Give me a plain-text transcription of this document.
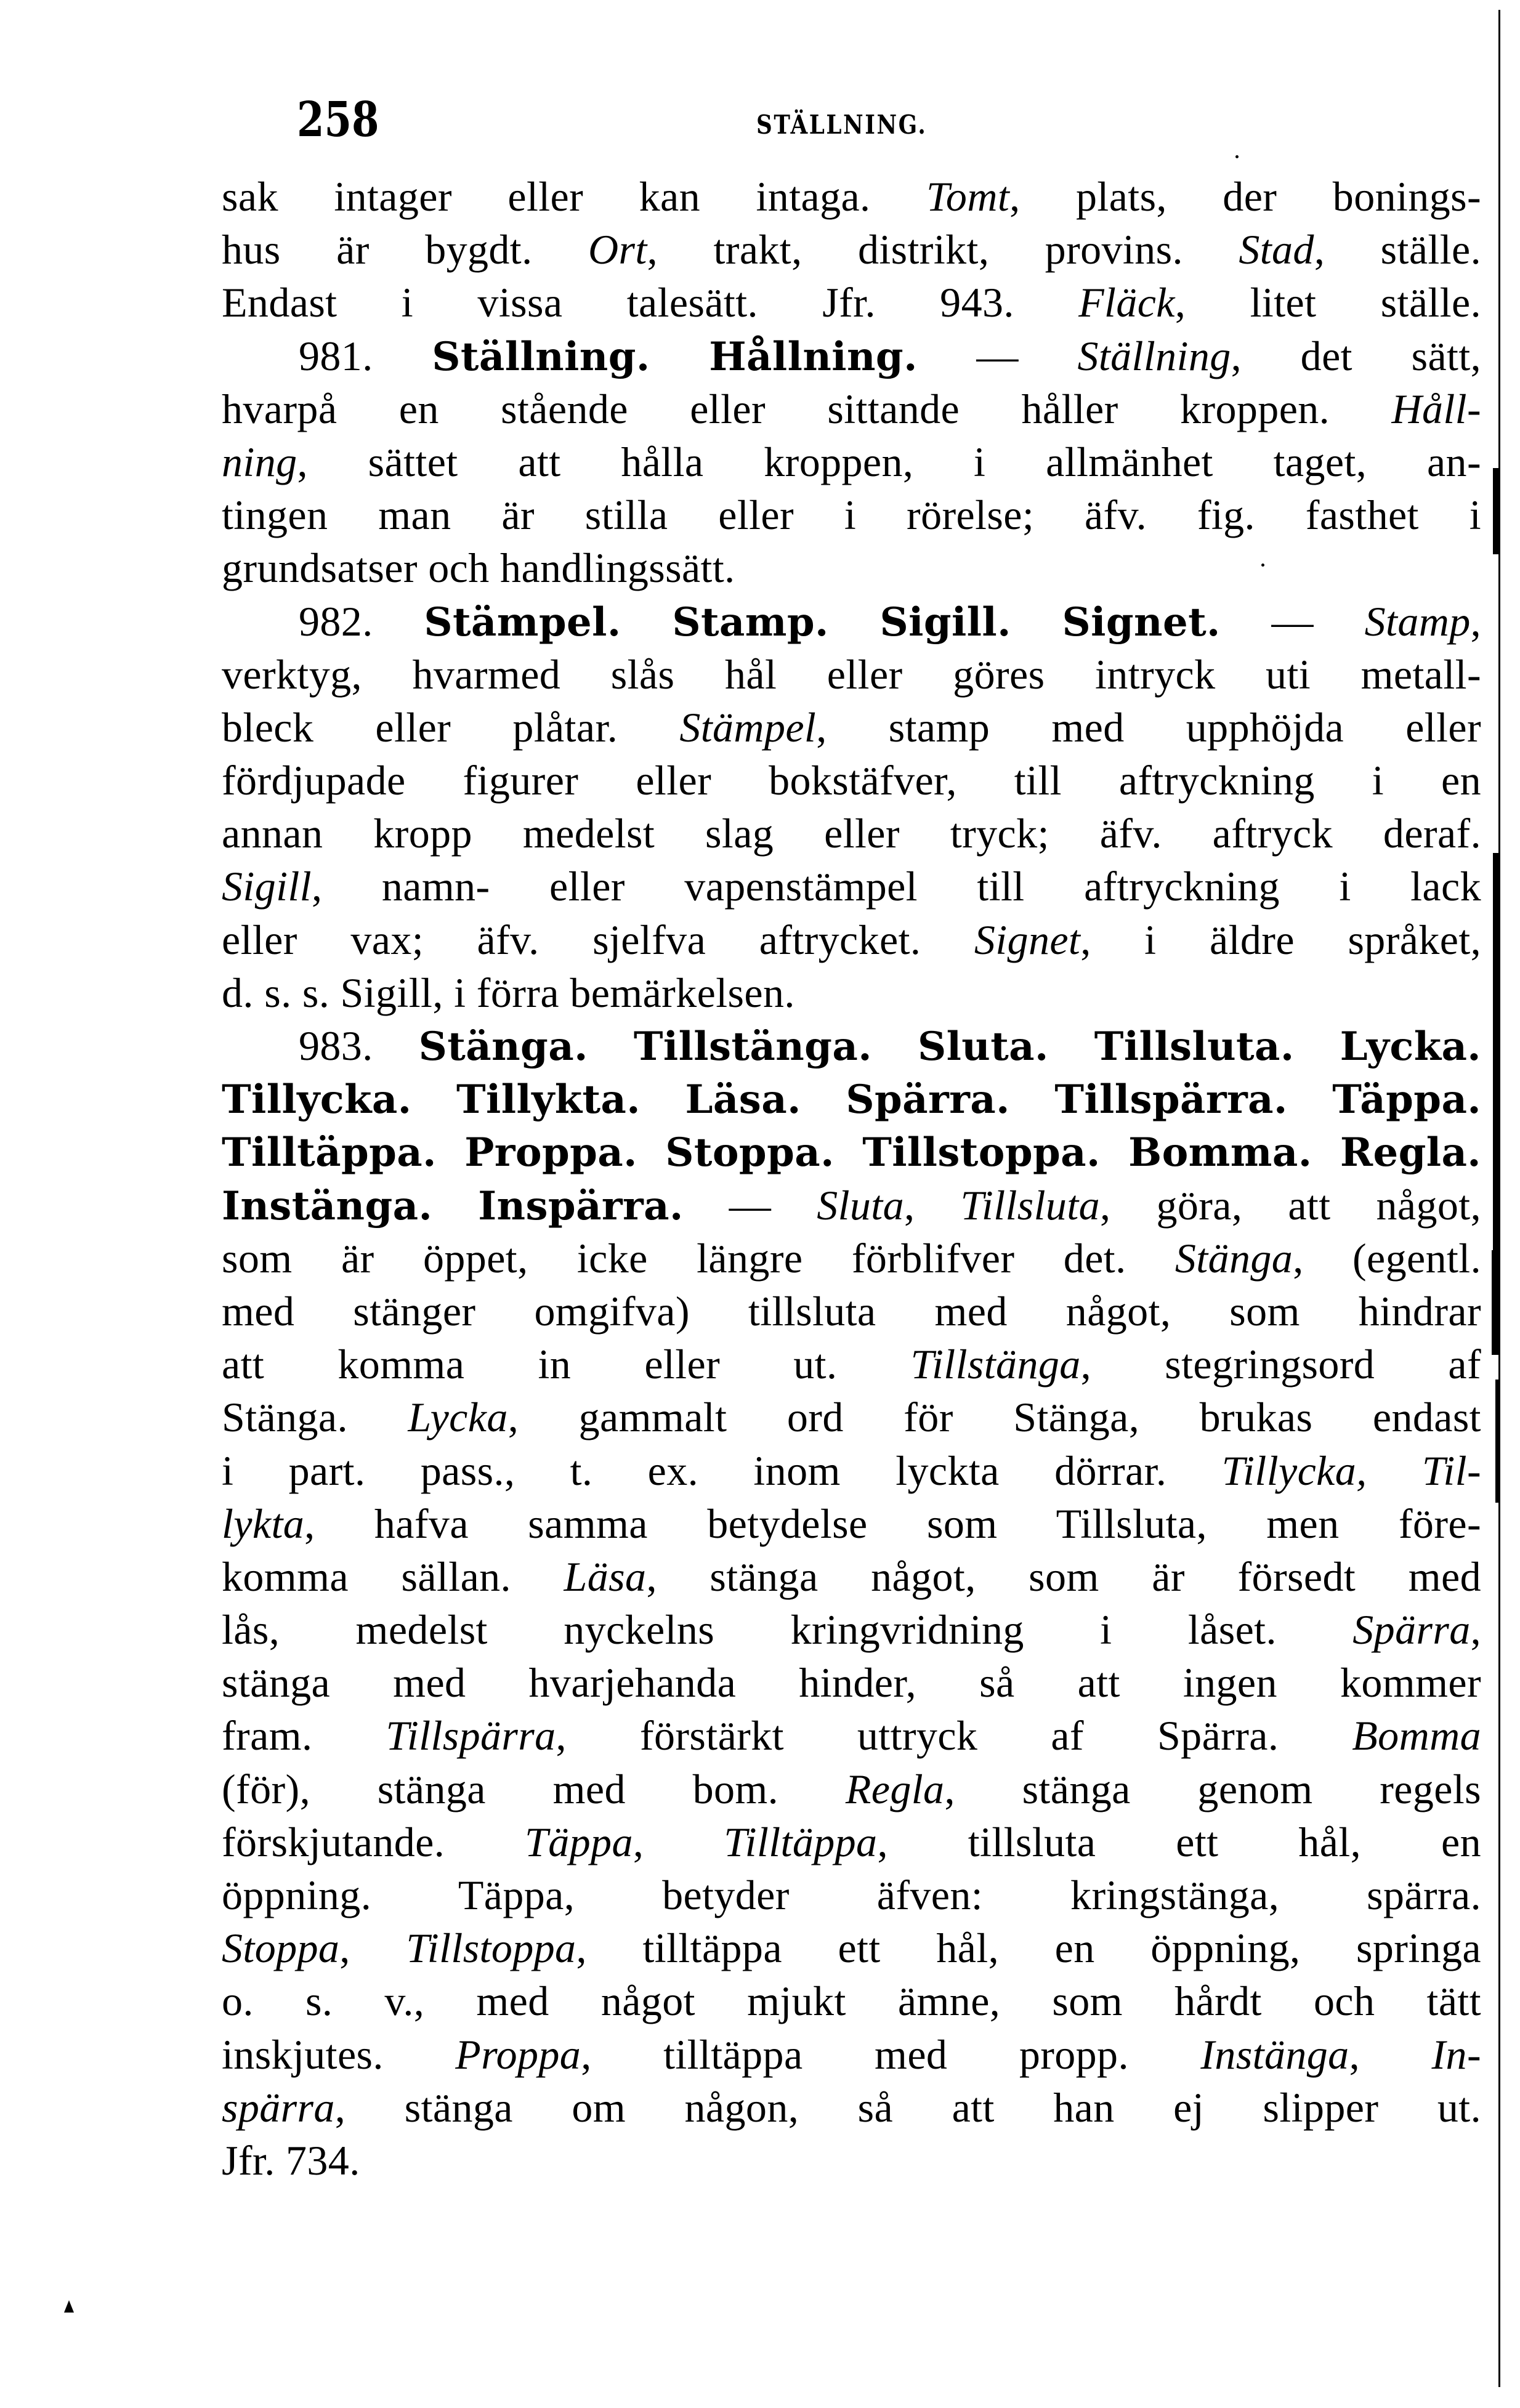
258	STÄLLNING.
sak intager eller kan intaga. Tomt, plats, der bonings-
hus är bygdt. Ort, trakt, distrikt, provins. Stad, ställe.
Endast i vissa talesätt. Jfr. 943. Fläck, litet ställe.
981. Ställning. Hållning. — Ställning, det sätt,
hvarpå en stående eller sittande håller kroppen. Håll-
ning, sättet att hålla kroppen, i allmänhet taget, an-
tingen man är stilla eller i rörelse; äfv. fig. fasthet i
grundsatser och handlingssätt.
982. Stämpel. Stamp. Sigill. Signet. — Stamp,
verktyg, hvarmed slås hål eller göres intryck uti metall-
bleck eller plåtar. Stämpel, stamp med upphöjda eller
fördjupade figurer eller bokstäfver, till aftryckning i en
annan kropp medelst slag eller tryck; äfv. aftryck deraf.
Sigill, namn- eller vapenstämpel till aftryckning i lack
eller vax; äfv. sjelfva aftrycket. Signet, i äldre språket,
d. s. s. Sigill, i förra bemärkelsen.
983. Stänga. Tillstänga. Sluta. Tillsluta. Lycka.
Tillycka. Tillykta. Läsa. Spärra. Tillspärra. Täppa.
Tilltäppa. Proppa. Stoppa. Tillstoppa. Bomma. Regla.
Instänga. Inspärra. — Sluta, Tillsluta, göra, att något,
som är öppet, icke längre förblifver det. Stänga, (egentl.
med stänger omgifva) tillsluta med något, som hindrar
att komma in eller ut. Tillstänga, stegringsord af
Stänga. Lycka, gammalt ord för Stänga, brukas endast
i part. pass., t. ex. inom lyckta dörrar. Tillycka, Til-
lykta, hafva samma betydelse som Tillsluta, men före-
komma sällan. Läsa, stänga något, som är försedt med
lås, medelst nyckelns kringvridning i låset. Spärra,
stänga med hvarjehanda hinder, så att ingen kommer
fram. Tillspärra, förstärkt uttryck af Spärra. Bomma
(för), stänga med bom. Regla, stänga genom regels
förskjutande. Täppa, Tilltäppa, tillsluta ett hål, en
öppning. Täppa, betyder äfven: kringstänga, spärra.
Stoppa, Tillstoppa, tilltäppa ett hål, en öppning, springa
o. s. v., med något mjukt ämne, som hårdt och tätt
inskjutes. Proppa, tilltäppa med propp. Instänga, In-
spärra, stänga om någon, så att han ej slipper ut.
Jfr. 734.
